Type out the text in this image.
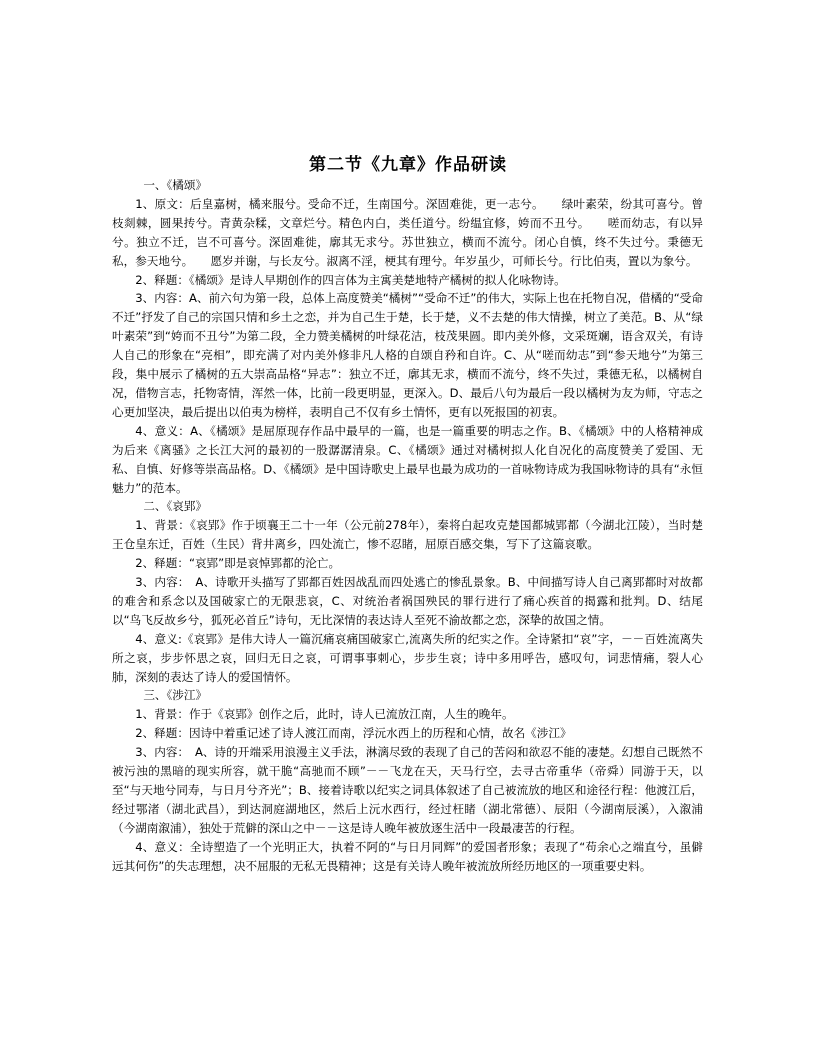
第二节《九章》作品研读

一、《橘颂》

1、原文：后皇嘉树，橘来服兮。受命不迁，生南国兮。深固难徙，更一志兮。　　绿叶素荣，纷其可喜兮。曾枝剡棘，圆果抟兮。青黄杂糅，文章烂兮。精色内白，类任道兮。纷缊宜修，姱而不丑兮。　　嗟而幼志，有以异兮。独立不迁，岂不可喜兮。深固难徙，廓其无求兮。苏世独立，横而不流兮。闭心自慎，终不失过兮。秉德无私，参天地兮。　　愿岁并谢，与长友兮。淑离不淫，梗其有理兮。年岁虽少，可师长兮。行比伯夷，置以为象兮。

2、释题：《橘颂》是诗人早期创作的四言体为主寓美楚地特产橘树的拟人化咏物诗。

3、内容：A、前六句为第一段，总体上高度赞美“橘树”“受命不迁”的伟大，实际上也在托物自况，借橘的“受命不迁”抒发了自己的宗国只情和乡土之恋，并为自己生于楚，长于楚，义不去楚的伟大情操，树立了美范。B、从“绿叶素荣”到“姱而不丑兮”为第二段，全力赞美橘树的叶绿花洁，枝茂果圆。即内美外修，文采斑斓，语含双关，有诗人自己的形象在“亮相”，即充满了对内美外修非凡人格的自颂自矜和自许。C、从“嗟而幼志”到“参天地兮”为第三段，集中展示了橘树的五大崇高品格“异志”：独立不迁，廓其无求，横而不流兮，终不失过，秉德无私，以橘树自况，借物言志，托物寄情，浑然一体，比前一段更明显，更深入。D、最后八句为最后一段以橘树为友为师，守志之心更加坚决，最后提出以伯夷为榜样，表明自己不仅有乡土情怀，更有以死报国的初衷。

4、意义：A、《橘颂》是屈原现存作品中最早的一篇，也是一篇重要的明志之作。B、《橘颂》中的人格精神成为后来《离骚》之长江大河的最初的一股潺潺清泉。C、《橘颂》通过对橘树拟人化自况化的高度赞美了爱国、无私、自慎、好修等崇高品格。D、《橘颂》是中国诗歌史上最早也最为成功的一首咏物诗成为我国咏物诗的具有“永恒魅力”的范本。

二、《哀郢》

1、背景：《哀郢》作于顷襄王二十一年（公元前278年），秦将白起攻克楚国都城郢都（今湖北江陵），当时楚王仓皇东迁，百姓（生民）背井离乡，四处流亡，惨不忍睹，屈原百感交集，写下了这篇哀歌。

2、释题：“哀郢”即是哀悼郢都的沦亡。

3、内容：　A、诗歌开头描写了郢都百姓因战乱而四处逃亡的惨乱景象。B、中间描写诗人自己离郢都时对故都的难舍和系念以及国破家亡的无限悲哀，C、对统治者祸国殃民的罪行进行了痛心疾首的揭露和批判。D、结尾以“鸟飞反故乡兮，狐死必首丘”诗句，无比深情的表达诗人至死不渝故都之恋，深挚的故国之情。

4、意义:《哀郢》是伟大诗人一篇沉痛哀痛国破家亡,流离失所的纪实之作。全诗紧扣“哀”字，－－百姓流离失所之哀，步步怀思之哀，回归无日之哀，可谓事事刺心，步步生哀；诗中多用呼告，感叹句，词悲情痛，裂人心肺，深刻的表达了诗人的爱国情怀。

三、《涉江》

1、背景：作于《哀郢》创作之后，此时，诗人已流放江南，人生的晚年。

2、释题：因诗中着重记述了诗人渡江而南，浮沅水西上的历程和心情，故名《涉江》

3、内容：　A、诗的开端采用浪漫主义手法，淋漓尽致的表现了自己的苦闷和欲忍不能的凄楚。幻想自己既然不被污浊的黑暗的现实所容，就干脆“高驰而不顾”－－飞龙在天，天马行空，去寻古帝重华（帝舜）同游于天，以至“与天地兮同寿，与日月兮齐光”；B、接着诗歌以纪实之词具体叙述了自己被流放的地区和途径行程：他渡江后，经过鄂渚（湖北武昌），到达洞庭湖地区，然后上沅水西行，经过枉睹（湖北常德）、辰阳（今湖南辰溪），入溆浦（今湖南溆浦），独处于荒僻的深山之中－－这是诗人晚年被放逐生活中一段最凄苦的行程。

4、意义：全诗塑造了一个光明正大，执着不阿的“与日月同辉”的爱国者形象；表现了“苟余心之端直兮，虽僻远其何伤”的失志理想，决不屈服的无私无畏精神；这是有关诗人晚年被流放所经历地区的一项重要史料。
